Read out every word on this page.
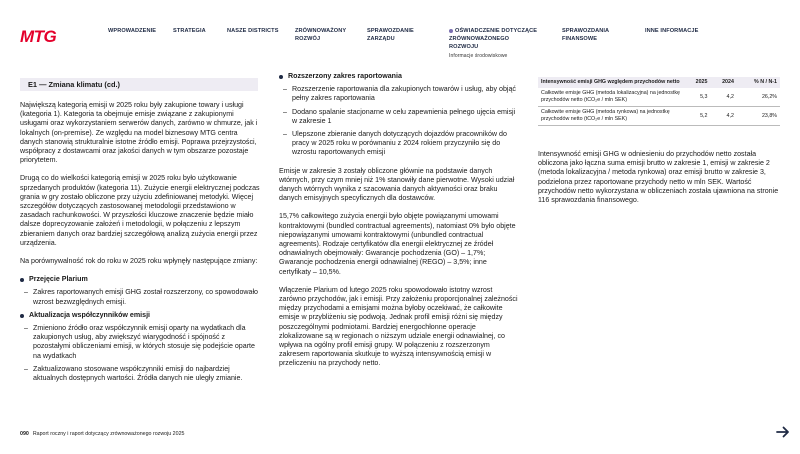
MTG	WPROWADZENIE	STRATEGIA	NASZE DISTRICTS	ZRÓWNOWAŻONY ROZWÓJ
SPRAWOZDANIE ZARZĄDU
OŚWIADCZENIE DOTYCZĄCE ZRÓWNOWAŻONEGO ROZWOJU
Informacje środowiskowe
SPRAWOZDANIA FINANSOWE
INNE INFORMACJE
E1 — Zmiana klimatu (cd.)

Największą kategorią emisji w 2025 roku były zakupione towary i usługi (kategoria 1). Kategoria ta obejmuje emisje związane z zakupionymi usługami oraz wykorzystaniem serwerów danych, zarówno w chmurze, jak i lokalnych (on-premise). Ze względu na model biznesowy MTG centra danych stanowią strukturalnie istotne źródło emisji. Poprawa przejrzystości, współpracy z dostawcami oraz jakości danych w tym obszarze pozostaje priorytetem.

Drugą co do wielkości kategorią emisji w 2025 roku było użytkowanie sprzedanych produktów (kategoria 11). Zużycie energii elektrycznej podczas grania w gry zostało obliczone przy użyciu zdefiniowanej metodyki. Więcej szczegółów dotyczących zastosowanej metodologii przedstawiono w zasadach rachunkowości. W przyszłości kluczowe znaczenie będzie miało dalsze doprecyzowanie założeń i metodologii, w połączeniu z lepszym zbieraniem danych oraz bardziej szczegółową analizą zużycia energii przez urządzenia.

Na porównywalność rok do roku w 2025 roku wpłynęły następujące zmiany:

Przejęcie Plarium
– Zakres raportowanych emisji GHG został rozszerzony, co spowodowało wzrost bezwzględnych emisji.
Aktualizacja współczynników emisji
– Zmieniono źródło oraz współczynnik emisji oparty na wydatkach dla zakupionych usług, aby zwiększyć wiarygodność i spójność z pozostałymi obliczeniami emisji, w których stosuje się podejście oparte na wydatkach
– Zaktualizowano stosowane współczynniki emisji do najbardziej aktualnych dostępnych wartości. Źródła danych nie uległy zmianie.
Rozszerzony zakres raportowania
– Rozszerzenie raportowania dla zakupionych towarów i usług, aby objąć pełny zakres raportowania
– Dodano spalanie stacjonarne w celu zapewnienia pełnego ujęcia emisji w zakresie 1
– Ulepszone zbieranie danych dotyczących dojazdów pracowników do pracy w 2025 roku w porównaniu z 2024 rokiem przyczyniło się do wzrostu raportowanych emisji

Emisje w zakresie 3 zostały obliczone głównie na podstawie danych wtórnych, przy czym mniej niż 1% stanowiły dane pierwotne. Wysoki udział danych wtórnych wynika z szacowania danych aktywności oraz braku danych emisyjnych specyficznych dla dostawców.

15,7% całkowitego zużycia energii było objęte powiązanymi umowami kontraktowymi (bundled contractual agreements), natomiast 0% było objęte niepowiązanymi umowami kontraktowymi (unbundled contractual agreements). Rodzaje certyfikatów dla energii elektrycznej ze źródeł odnawialnych obejmowały: Gwarancje pochodzenia (GO) – 1,7%; Gwarancje pochodzenia energii odnawialnej (REGO) – 3,5%; inne certyfikaty – 10,5%.

Włączenie Plarium od lutego 2025 roku spowodowało istotny wzrost zarówno przychodów, jak i emisji. Przy założeniu proporcjonalnej zależności między przychodami a emisjami można byłoby oczekiwać, że całkowite emisje w przybliżeniu się podwoją. Jednak profil emisji różni się między poszczególnymi podmiotami. Bardziej energochłonne operacje zlokalizowane są w regionach o niższym udziale energii odnawialnej, co wpływa na ogólny profil emisji grupy. W połączeniu z rozszerzonym zakresem raportowania skutkuje to wyższą intensywnością emisji w przeliczeniu na przychody netto.

Intensywność emisji GHG względem przychodów netto	2025	2024	% N / N-1
Całkowite emisje GHG (metoda lokalizacyjna) na jednostkę przychodów netto (tCO₂e / mln SEK)	5,3	4,2	26,2%
Całkowite emisje GHG (metoda rynkowa) na jednostkę przychodów netto (tCO₂e / mln SEK)	5,2	4,2	23,8%

Intensywność emisji GHG w odniesieniu do przychodów netto została obliczona jako łączna suma emisji brutto w zakresie 1, emisji w zakresie 2 (metoda lokalizacyjna / metoda rynkowa) oraz emisji brutto w zakresie 3, podzielona przez raportowane przychody netto w mln SEK. Wartość przychodów netto wykorzystana w obliczeniach została ujawniona na stronie 116 sprawozdania finansowego.

090 Raport roczny i raport dotyczący zrównoważonego rozwoju 2025
